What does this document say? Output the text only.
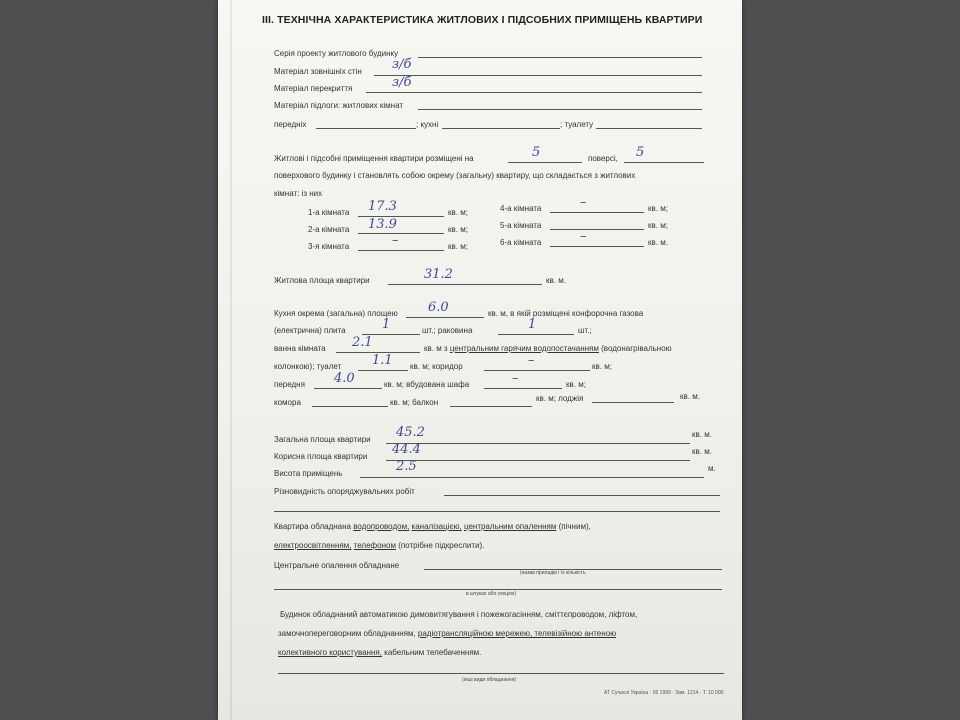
III. ТЕХНІЧНА ХАРАКТЕРИСТИКА ЖИТЛОВИХ І ПІДСОБНИХ ПРИМІЩЕНЬ КВАРТИРИ
Серія проекту житлового будинку
Матеріал зовнішніх стін з/б
Матеріал перекриття	з/б
Матеріал підлоги: житлових кімнат
передніх	; кухні	; туалету
Житлові і підсобні приміщення квартири розміщені на	5	поверсі, 5
поверхового будинку і становлять собою окрему (загальну) квартиру, що складається з житлових
кімнат: із них
1-а кімната 17.3	кв. м;
2-а кімната 13.9	кв. м;
3-я кімната	–	кв. м;
4-а кімната	–	кв. м;
5-а кімната	кв. м;
6-а кімната	–	кв. м.
Житлова площа квартири	31.2	кв. м.
Кухня окрема (загальна) площею 6.0	кв. м, в якій розміщені конфорочна газова
(електрична) плита	1	шт.; раковина	1	шт.;
ванна кімната 2.1	кв. м з центральним гарячим водопостачанням (водонагрівальною
колонкою); туалет 1.1 кв. м; коридор	–	кв. м;
передня 4.0	кв. м; вбудована шафа	–	кв. м;
комора	кв. м; балкон	кв. м; лоджія	кв. м.
Загальна площа квартири 45.2	кв. м.
Корисна площа квартири 44.4	кв. м.
Висота приміщень	2.5	м.
Різновидність опоряджувальних робіт
Квартира обладнана водопроводом, каналізацією, центральним опаленням (пічним),
електроосвітленням, телефоном (потрібне підкреслити).
Центральне опалення обладнане
(назва приладів і їх кількість
в штуках або секціях)
Будинок обладнаний автоматикою димовитягування і пожежогасінням, сміттєпроводом, ліфтом,
замочнопереговорним обладнанням, радіотрансляційною мережею, телевізійною антеною
колективного користування, кабельним телебаченням.
(інші види обладнання)
АТ Сучасні Україна · 05 1999 · Зам. 1214 · Т. 10 000
